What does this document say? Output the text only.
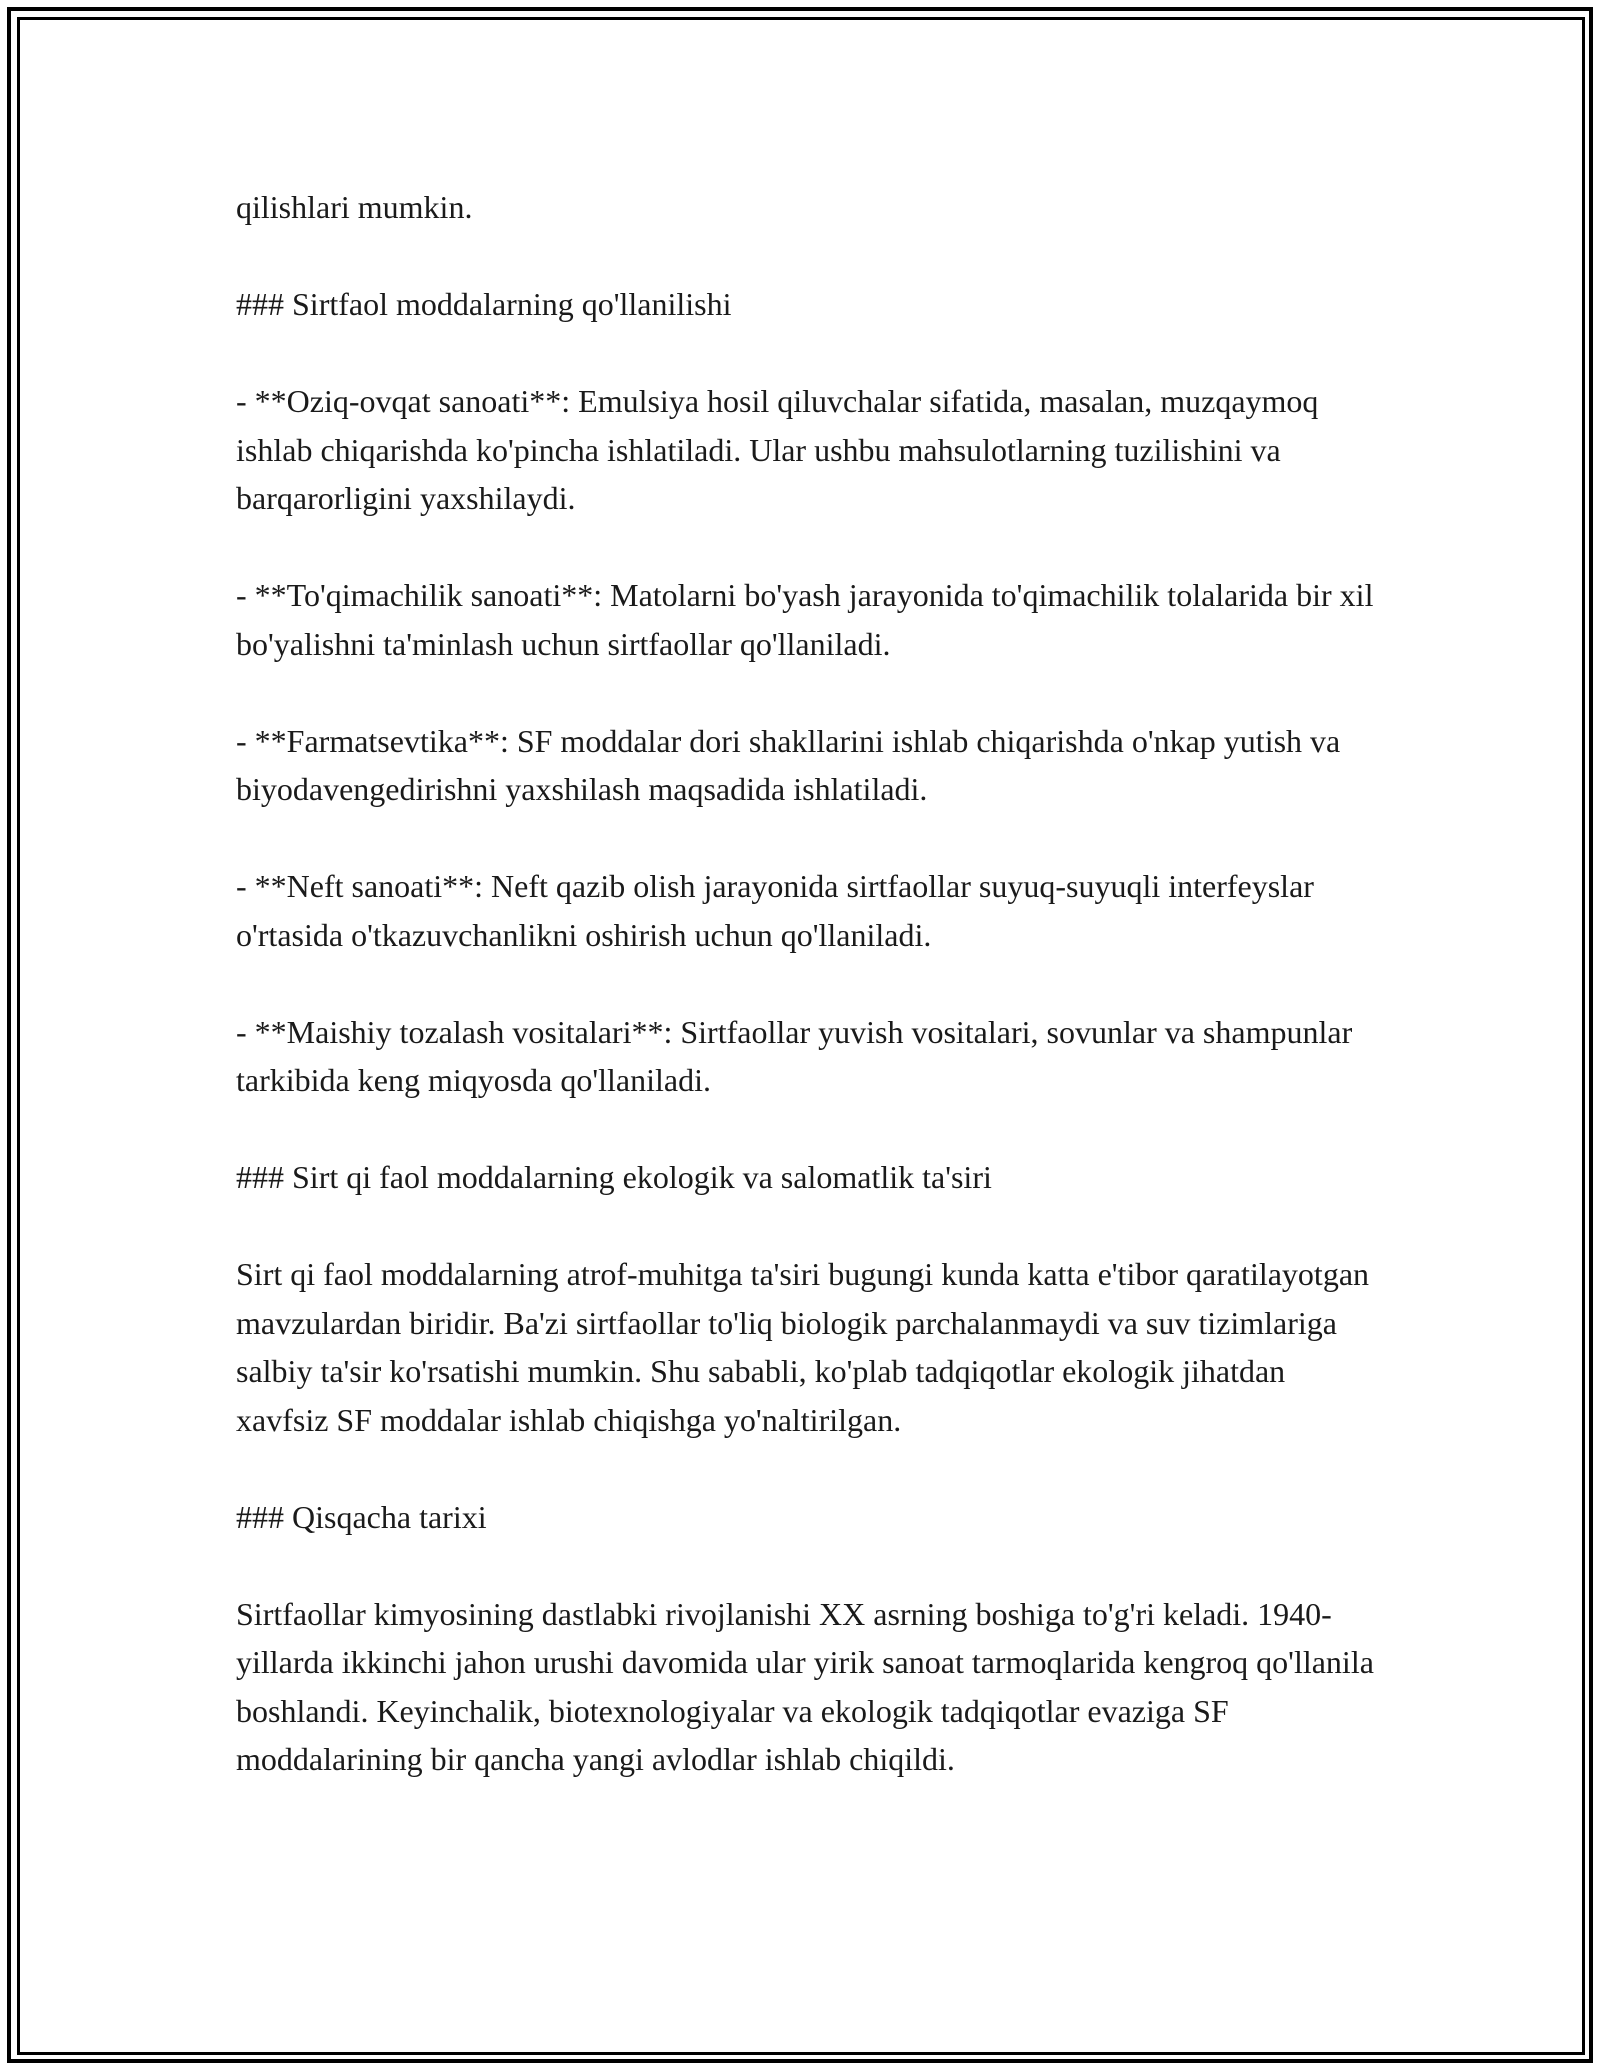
qilishlari mumkin.

### Sirtfaol moddalarning qo'llanilishi

- **Oziq-ovqat sanoati**: Emulsiya hosil qiluvchalar sifatida, masalan, muzqaymoq ishlab chiqarishda ko'pincha ishlatiladi. Ular ushbu mahsulotlarning tuzilishini va barqarorligini yaxshilaydi.

- **To'qimachilik sanoati**: Matolarni bo'yash jarayonida to'qimachilik tolalarida bir xil bo'yalishni ta'minlash uchun sirtfaollar qo'llaniladi.

- **Farmatsevtika**: SF moddalar dori shakllarini ishlab chiqarishda o'nkap yutish va biyodavengedirishni yaxshilash maqsadida ishlatiladi.

- **Neft sanoati**: Neft qazib olish jarayonida sirtfaollar suyuq-suyuqli interfeyslar o'rtasida o'tkazuvchanlikni oshirish uchun qo'llaniladi.

- **Maishiy tozalash vositalari**: Sirtfaollar yuvish vositalari, sovunlar va shampunlar tarkibida keng miqyosda qo'llaniladi.

### Sirt qi faol moddalarning ekologik va salomatlik ta'siri

Sirt qi faol moddalarning atrof-muhitga ta'siri bugungi kunda katta e'tibor qaratilayotgan mavzulardan biridir. Ba'zi sirtfaollar to'liq biologik parchalanmaydi va suv tizimlariga salbiy ta'sir ko'rsatishi mumkin. Shu sababli, ko'plab tadqiqotlar ekologik jihatdan xavfsiz SF moddalar ishlab chiqishga yo'naltirilgan.

### Qisqacha tarixi

Sirtfaollar kimyosining dastlabki rivojlanishi XX asrning boshiga to'g'ri keladi. 1940-yillarda ikkinchi jahon urushi davomida ular yirik sanoat tarmoqlarida kengroq qo'llanila boshlandi. Keyinchalik, biotexnologiyalar va ekologik tadqiqotlar evaziga SF moddalarining bir qancha yangi avlodlar ishlab chiqildi.
